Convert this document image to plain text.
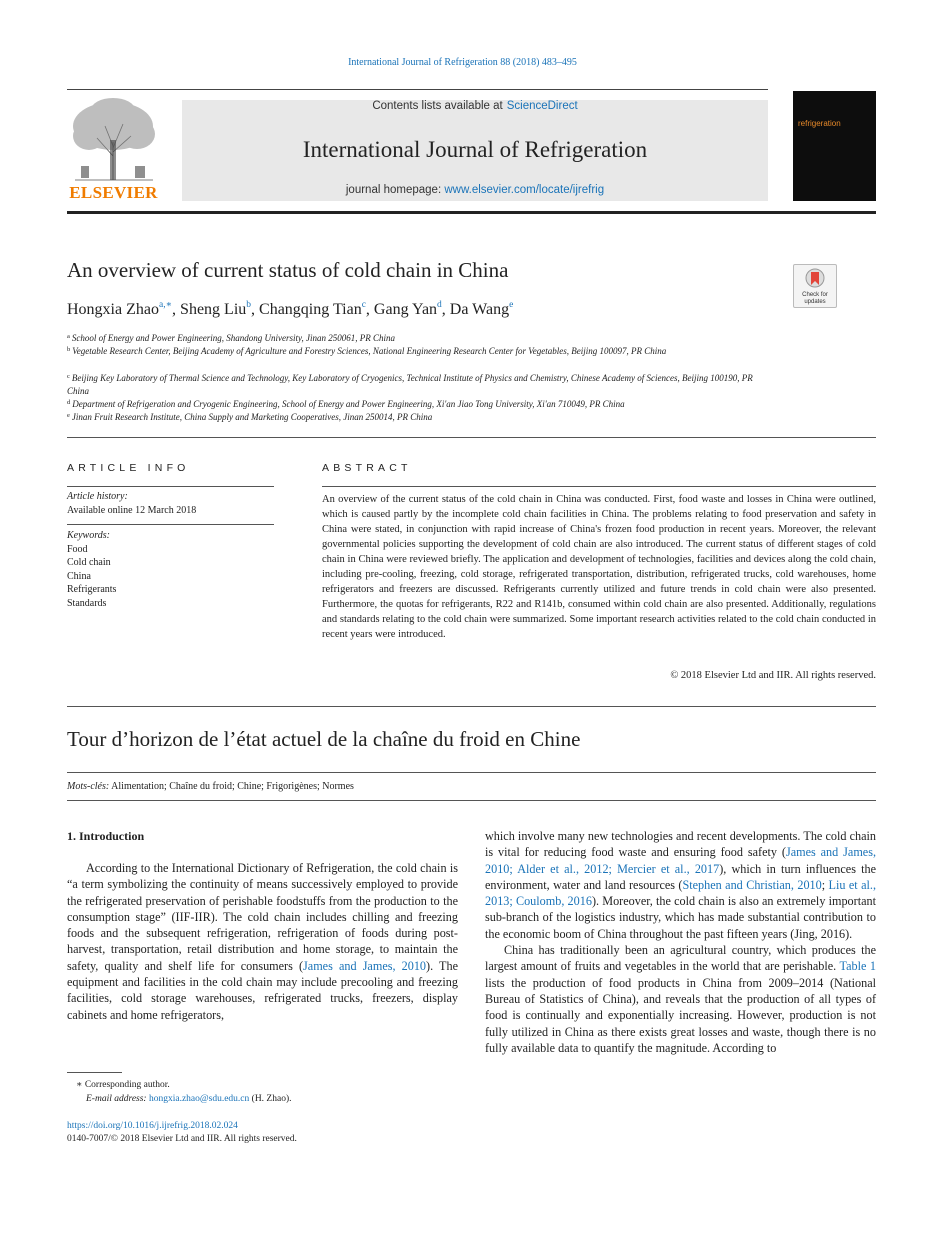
International Journal of Refrigeration 88 (2018) 483–495
ELSEVIER
Contents lists available at ScienceDirect
International Journal of Refrigeration
journal homepage: www.elsevier.com/locate/ijrefrig
refrigeration
An overview of current status of cold chain in China
Check for updates
Hongxia Zhao$^{a,∗}$, Sheng Liu$^b$, Changqing Tian$^c$, Gang Yan$^d$, Da Wang$^e$
$^a$ School of Energy and Power Engineering, Shandong University, Jinan 250061, PR China
$^b$ Vegetable Research Center, Beijing Academy of Agriculture and Forestry Sciences, National Engineering Research Center for Vegetables, Beijing 100097, PR China
$^c$ Beijing Key Laboratory of Thermal Science and Technology, Key Laboratory of Cryogenics, Technical Institute of Physics and Chemistry, Chinese Academy of Sciences, Beijing 100190, PR China
$^d$ Department of Refrigeration and Cryogenic Engineering, School of Energy and Power Engineering, Xi'an Jiao Tong University, Xi'an 710049, PR China
$^e$ Jinan Fruit Research Institute, China Supply and Marketing Cooperatives, Jinan 250014, PR China
ARTICLE INFO
Article history:
Available online 12 March 2018
Keywords:
Food
Cold chain
China
Refrigerants
Standards
ABSTRACT
An overview of the current status of the cold chain in China was conducted. First, food waste and losses in China were outlined, which is caused partly by the incomplete cold chain facilities in China. The problems relating to food preservation and safety in China were stated, in conjunction with rapid increase of China's frozen food production in recent years. Moreover, the relevant governmental policies supporting the development of cold chain are also introduced. The current status of different stages of cold chain in China were reviewed briefly. The application and development of technologies, facilities and devices along the cold chain, including pre-cooling, freezing, cold storage, refrigerated transportation, distribution, refrigerated trucks, cold warehouses, home refrigerators and freezers are discussed. Refrigerants currently utilized and future trends in cold chain were also presented. Furthermore, the quotas for refrigerants, R22 and R141b, consumed within cold chain are also presented. Additionally, regulations and standards relating to the cold chain were summarized. Some important research activities related to the cold chain conducted in recent years were introduced.
© 2018 Elsevier Ltd and IIR. All rights reserved.
Tour d’horizon de l’état actuel de la chaîne du froid en Chine
Mots-clés: Alimentation; Chaîne du froid; Chine; Frigorigènes; Normes
1. Introduction

According to the International Dictionary of Refrigeration, the cold chain is “a term symbolizing the continuity of means successively employed to provide the refrigerated preservation of perishable foodstuffs from the production to the consumption stage” (IIF-IIR). The cold chain includes chilling and freezing foods and the subsequent refrigeration, refrigeration of foods during post-harvest, transportation, retail distribution and home storage, to maintain the safety, quality and shelf life for consumers (James and James, 2010). The equipment and facilities in the cold chain may include precooling and freezing facilities, cold storage warehouses, refrigerated trucks, freezers, display cabinets and home refrigerators,

which involve many new technologies and recent developments. The cold chain is vital for reducing food waste and ensuring food safety (James and James, 2010; Alder et al., 2012; Mercier et al., 2017), which in turn influences the environment, water and land resources (Stephen and Christian, 2010; Liu et al., 2013; Coulomb, 2016). Moreover, the cold chain is also an extremely important sub-branch of the logistics industry, which has made substantial contribution to the economic boom of China throughout the past fifteen years (Jing, 2016).

China has traditionally been an agricultural country, which produces the largest amount of fruits and vegetables in the world that are perishable. Table 1 lists the production of food products in China from 2009–2014 (National Bureau of Statistics of China), and reveals that the production of all types of food is continually and exponentially increasing. However, production is not fully utilized in China as there exists great losses and waste, though there is no fully available data to quantify the magnitude. According to

∗ Corresponding author.
E-mail address: hongxia.zhao@sdu.edu.cn (H. Zhao).
https://doi.org/10.1016/j.ijrefrig.2018.02.024
0140-7007/© 2018 Elsevier Ltd and IIR. All rights reserved.
